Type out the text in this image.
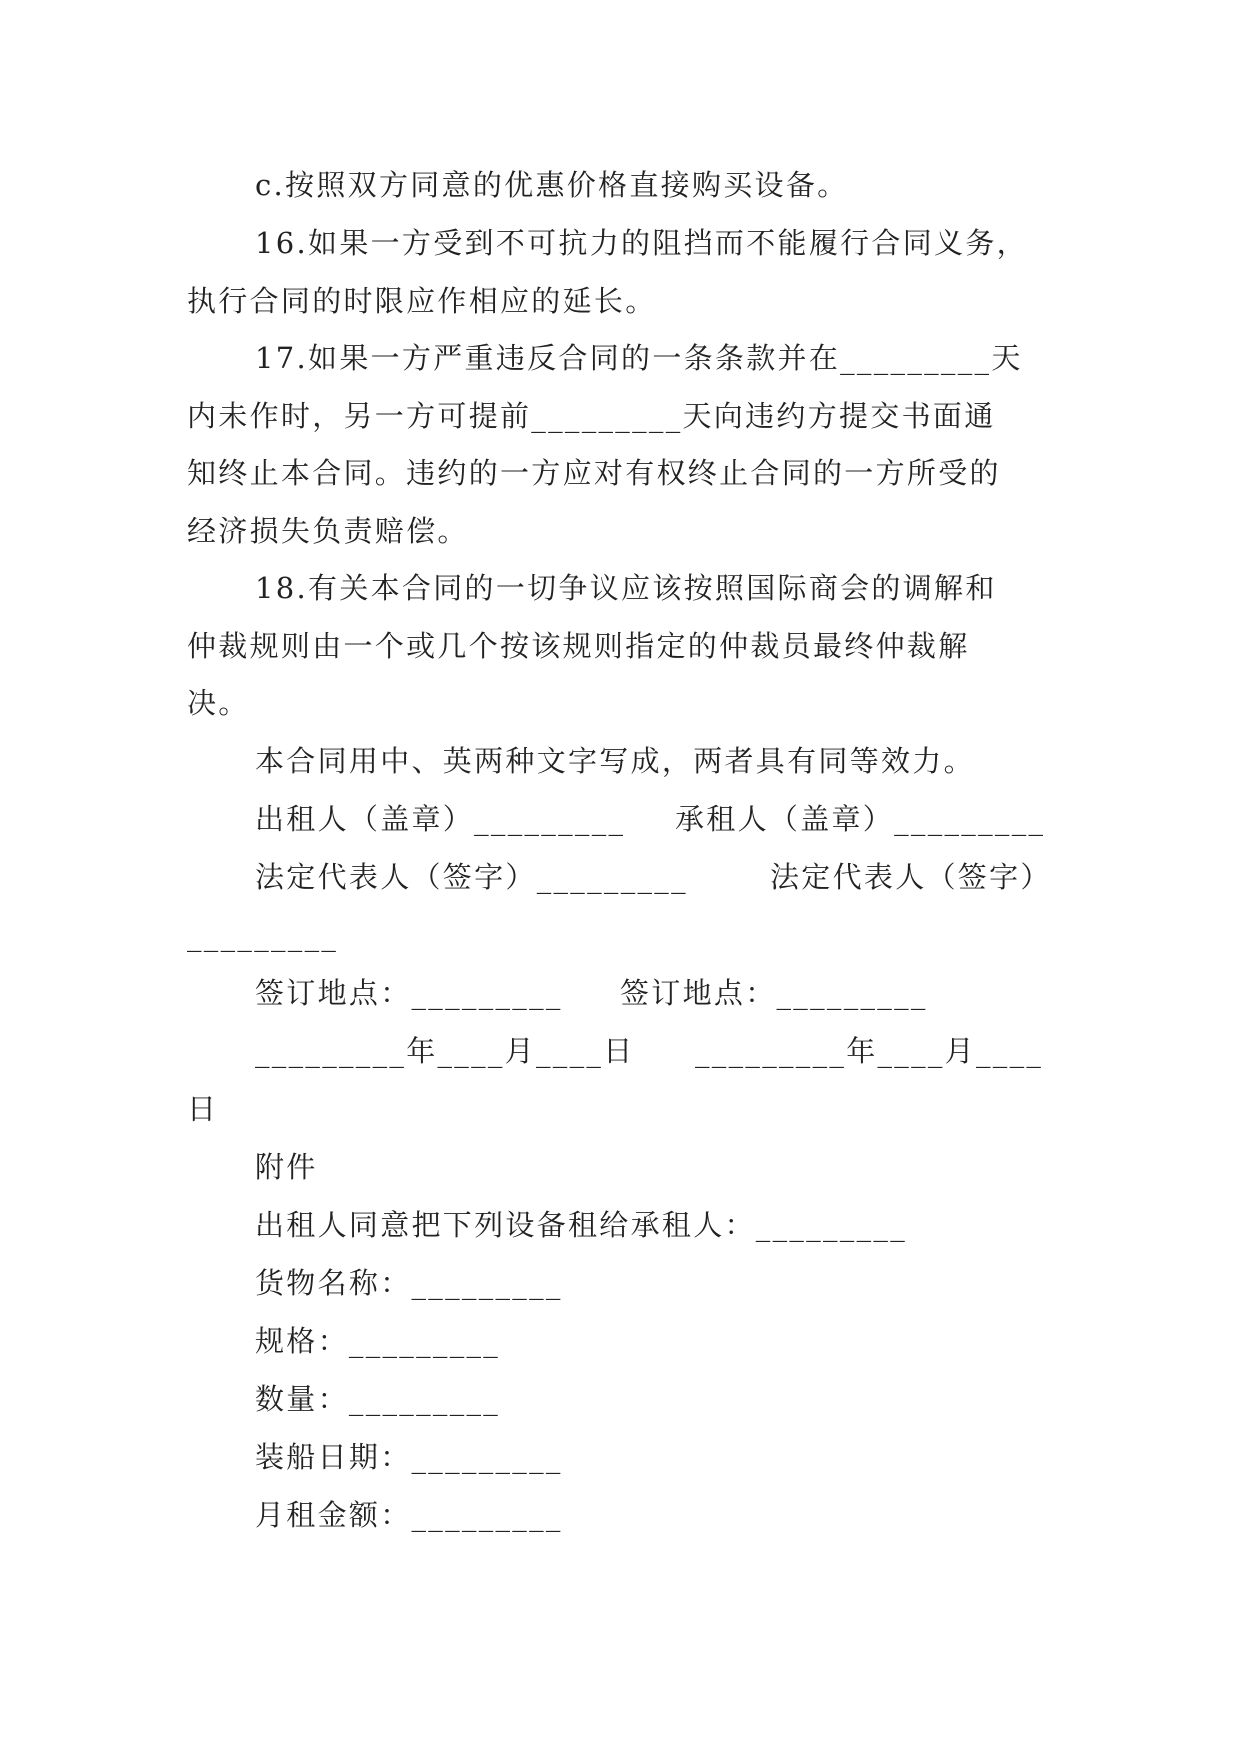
c.按照双方同意的优惠价格直接购买设备。
16.如果一方受到不可抗力的阻挡而不能履行合同义务，
执行合同的时限应作相应的延长。
17.如果一方严重违反合同的一条条款并在_________天
内未作时，另一方可提前_________天向违约方提交书面通
知终止本合同。违约的一方应对有权终止合同的一方所受的
经济损失负责赔偿。
18.有关本合同的一切争议应该按照国际商会的调解和
仲裁规则由一个或几个按该规则指定的仲裁员最终仲裁解
决。
本合同用中、英两种文字写成，两者具有同等效力。
出租人（盖章）_________ 承租人（盖章）_________
法定代表人（签字）_________	法定代表人（签字）
_________
签订地点：_________ 签订地点：_________
_________年____月____日 _________年____月____
日
附件
出租人同意把下列设备租给承租人：_________
货物名称：_________
规格：_________
数量：_________
装船日期：_________
月租金额：_________
